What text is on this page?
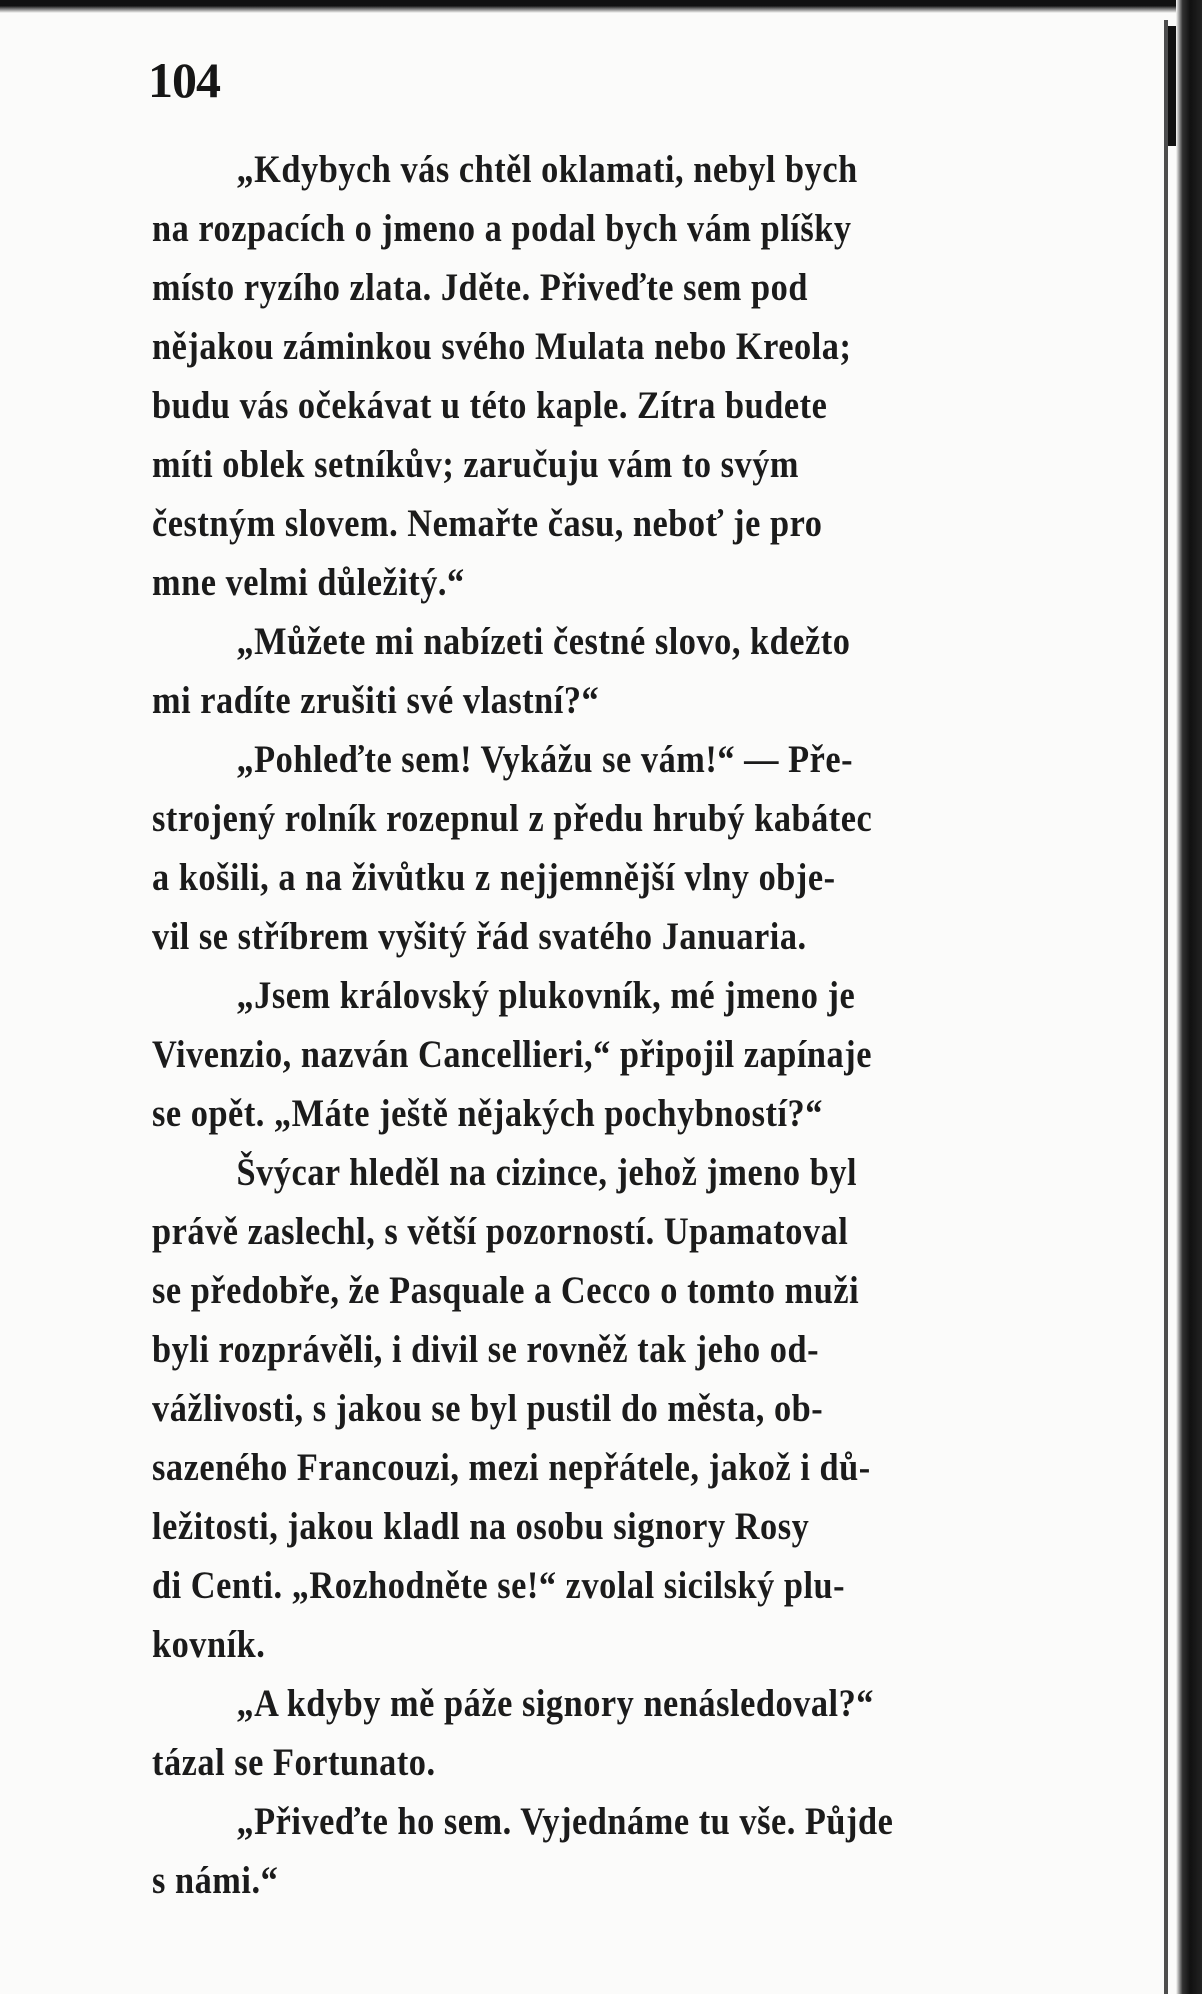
104
„Kdybych vás chtěl oklamati, nebyl bych
na rozpacích o jmeno a podal bych vám plíšky
místo ryzího zlata. Jděte. Přiveďte sem pod
nějakou záminkou svého Mulata nebo Kreola;
budu vás očekávat u této kaple. Zítra budete
míti oblek setníkův; zaručuju vám to svým
čestným slovem. Nemařte času, neboť je pro
mne velmi důležitý.“
„Můžete mi nabízeti čestné slovo, kdežto
mi radíte zrušiti své vlastní?“
„Pohleďte sem! Vykážu se vám!“ — Pře-
strojený rolník rozepnul z předu hrubý kabátec
a košili, a na živůtku z nejjemnější vlny obje-
vil se stříbrem vyšitý řád svatého Januaria.
„Jsem královský plukovník, mé jmeno je
Vivenzio, nazván Cancellieri,“ připojil zapínaje
se opět. „Máte ještě nějakých pochybností?“
Švýcar hleděl na cizince, jehož jmeno byl
právě zaslechl, s větší pozorností. Upamatoval
se předobře, že Pasquale a Cecco o tomto muži
byli rozprávěli, i divil se rovněž tak jeho od-
vážlivosti, s jakou se byl pustil do města, ob-
sazeného Francouzi, mezi nepřátele, jakož i dů-
ležitosti, jakou kladl na osobu signory Rosy
di Centi. „Rozhodněte se!“ zvolal sicilský plu-
kovník.
„A kdyby mě páže signory nenásledoval?“
tázal se Fortunato.
„Přiveďte ho sem. Vyjednáme tu vše. Půjde
s námi.“
